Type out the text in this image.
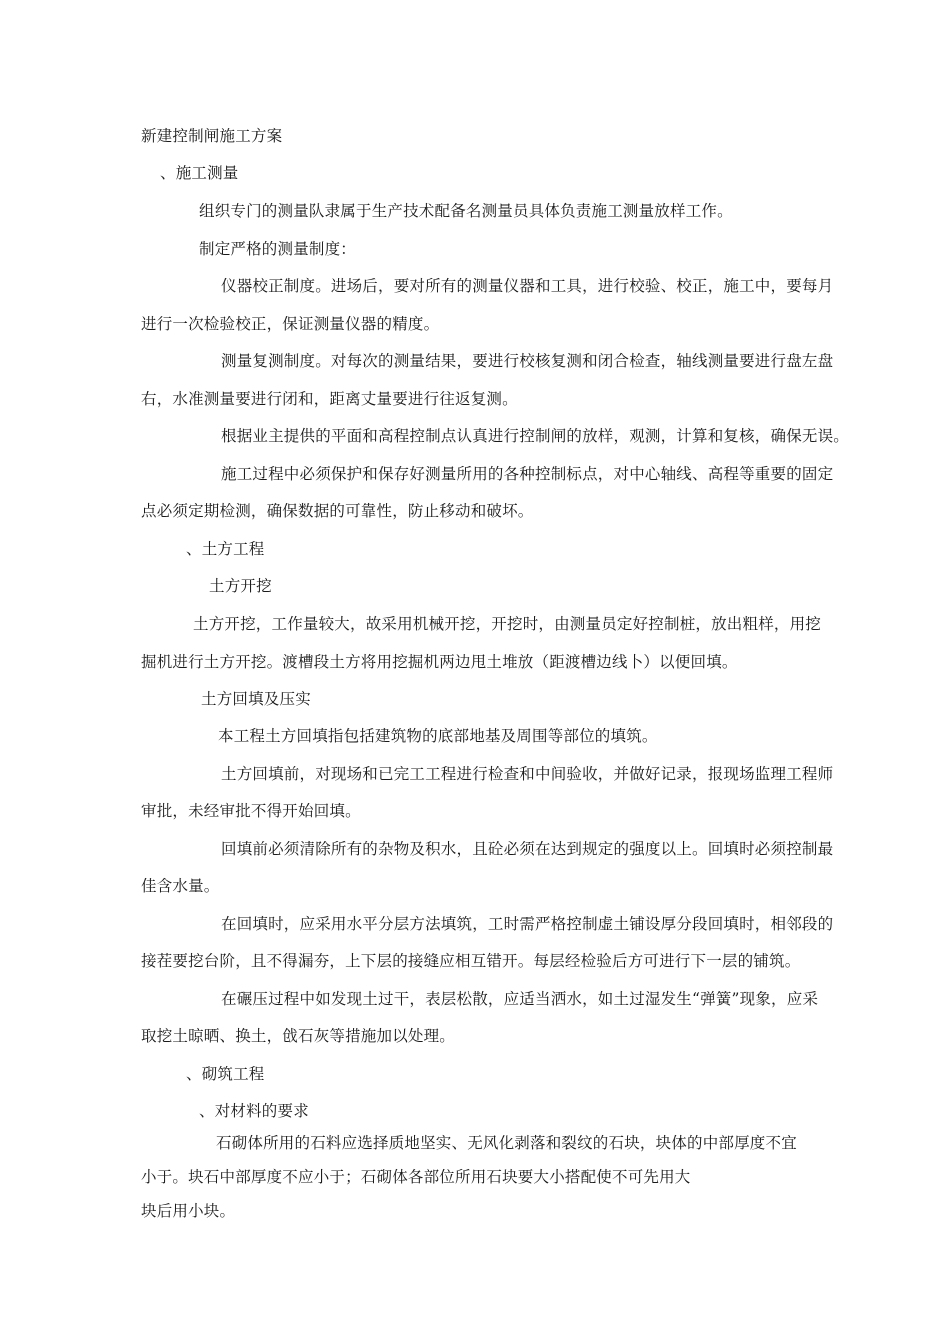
新建控制闸施工方案
、施工测量
组织专门的测量队隶属于生产技术配备名测量员具体负责施工测量放样工作。
制定严格的测量制度：
仪器校正制度。进场后，要对所有的测量仪器和工具，进行校验、校正，施工中，要每月
进行一次检验校正，保证测量仪器的精度。
测量复测制度。对每次的测量结果，要进行校核复测和闭合检查，轴线测量要进行盘左盘
右，水准测量要进行闭和，距离丈量要进行往返复测。
根据业主提供的平面和高程控制点认真进行控制闸的放样，观测，计算和复核，确保无误。
施工过程中必须保护和保存好测量所用的各种控制标点，对中心轴线、高程等重要的固定
点必须定期检测，确保数据的可靠性，防止移动和破坏。
、土方工程
土方开挖
土方开挖，工作量较大，故采用机械开挖，开挖时，由测量员定好控制桩，放出粗样，用挖
掘机进行土方开挖。渡槽段土方将用挖掘机两边甩土堆放（距渡槽边线卜）以便回填。
土方回填及压实
本工程土方回填指包括建筑物的底部地基及周围等部位的填筑。
土方回填前，对现场和已完工工程进行检查和中间验收，并做好记录，报现场监理工程师
审批，未经审批不得开始回填。
回填前必须清除所有的杂物及积水，且砼必须在达到规定的强度以上。回填时必须控制最
佳含水量。
在回填时，应采用水平分层方法填筑，工时需严格控制虚土铺设厚分段回填时，相邻段的
接茬要挖台阶，且不得漏夯，上下层的接缝应相互错开。每层经检验后方可进行下一层的铺筑。
在碾压过程中如发现土过干，表层松散，应适当洒水，如土过湿发生“弹簧”现象，应采
取挖土晾晒、换土，戗石灰等措施加以处理。
、砌筑工程
、对材料的要求
石砌体所用的石料应选择质地坚实、无风化剥落和裂纹的石块，块体的中部厚度不宜
小于。块石中部厚度不应小于；石砌体各部位所用石块要大小搭配使不可先用大
块后用小块。
